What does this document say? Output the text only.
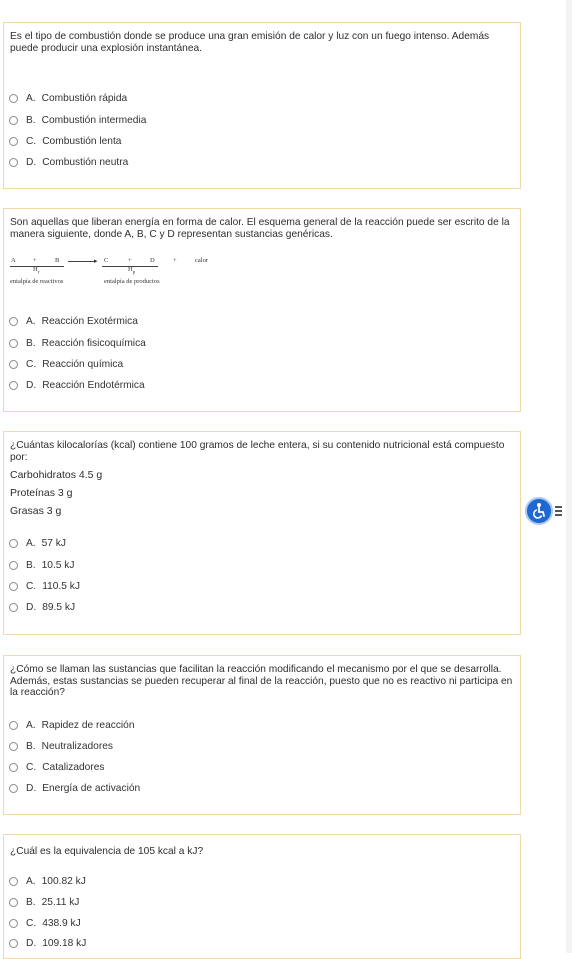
Es el tipo de combustión donde se produce una gran emisión de calor y luz con un fuego intenso. Además puede producir una explosión instantánea.
A. Combustión rápida
B. Combustión intermedia
C. Combustión lenta
D. Combustión neutra
Son aquellas que liberan energía en forma de calor. El esquema general de la reacción puede ser escrito de la manera siguiente, donde A, B, C y D representan sustancias genéricas.
A	+	B
$H_r$
▸ C	+	D
$H_p$
+	calor
entalpía de reactivos	entalpía de productos
A. Reacción Exotérmica
B. Reacción fisicoquímica
C. Reacción química
D. Reacción Endotérmica
¿Cuántas kilocalorías (kcal) contiene 100 gramos de leche entera, si su contenido nutricional está compuesto por:
Carbohidratos 4.5 g
Proteínas 3 g
Grasas 3 g
A. 57 kJ
B. 10.5 kJ
C. 110.5 kJ
D. 89.5 kJ
¿Cómo se llaman las sustancias que facilitan la reacción modificando el mecanismo por el que se desarrolla. Además, estas sustancias se pueden recuperar al final de la reacción, puesto que no es reactivo ni participa en la reacción?
A. Rapidez de reacción
B. Neutralizadores
C. Catalizadores
D. Energía de activación
¿Cuál es la equivalencia de 105 kcal a kJ?
A. 100.82 kJ
B. 25.11 kJ
C. 438.9 kJ
D. 109.18 kJ
